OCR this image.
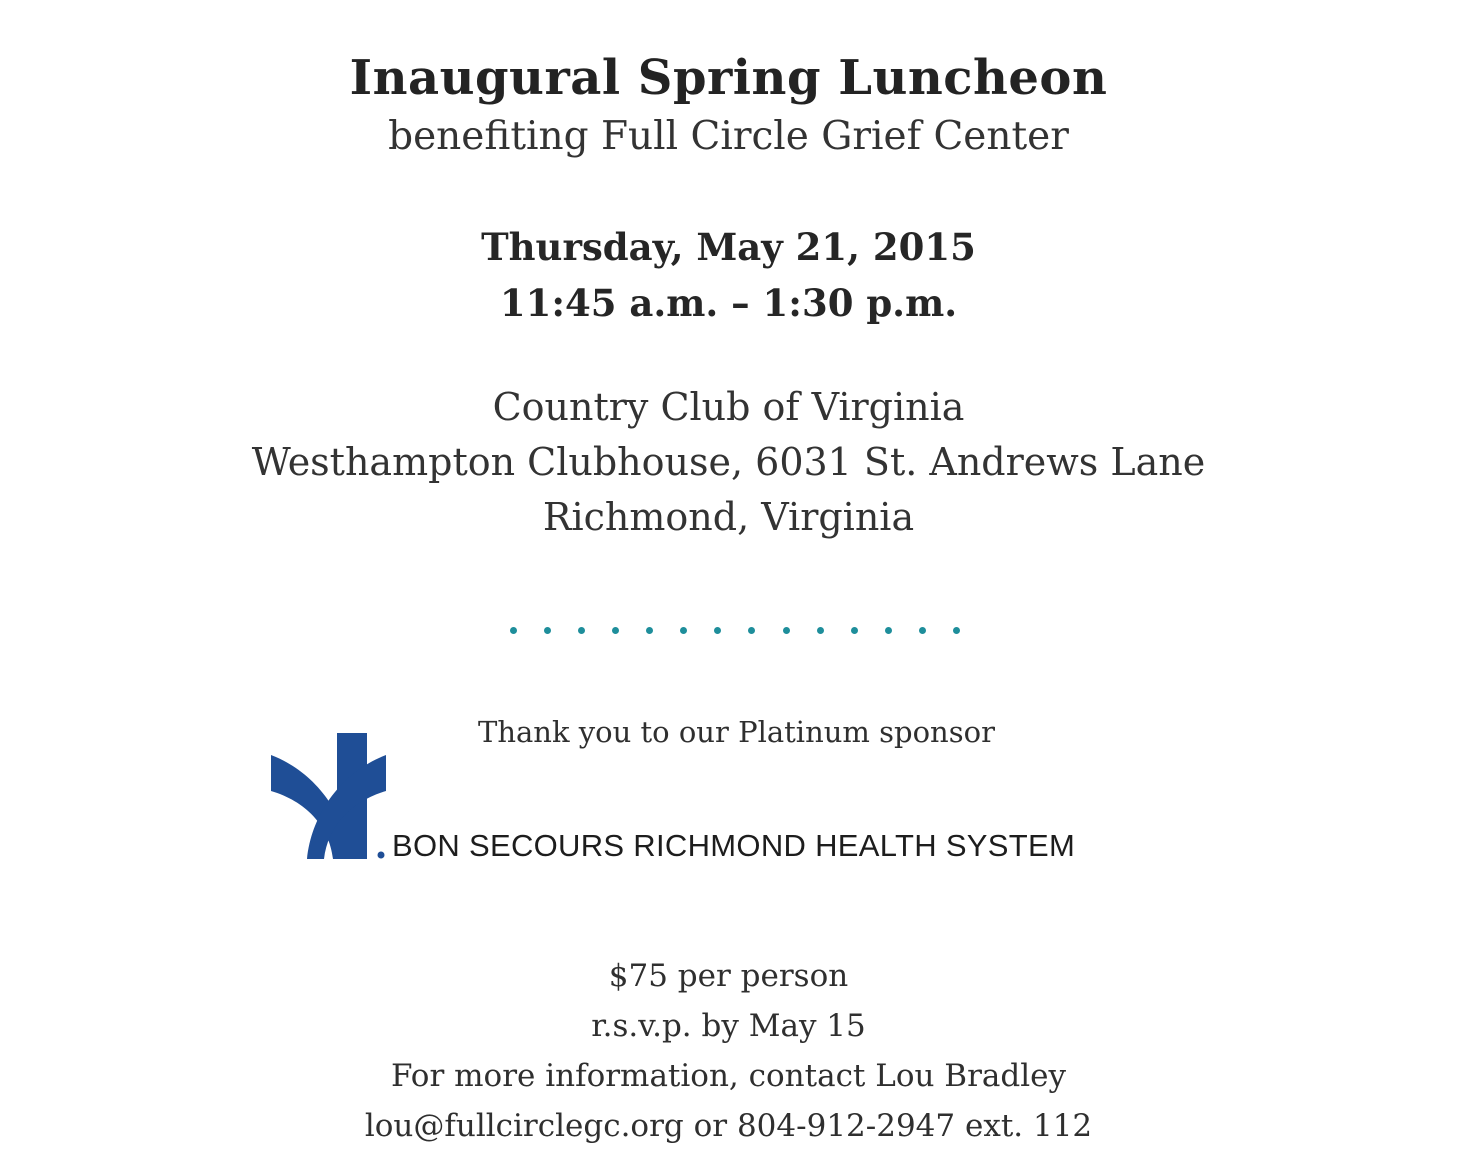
Inaugural Spring Luncheon
benefiting Full Circle Grief Center
Thursday, May 21, 2015
11:45 a.m. – 1:30 p.m.
Country Club of Virginia
Westhampton Clubhouse, 6031 St. Andrews Lane
Richmond, Virginia
Thank you to our Platinum sponsor
BON SECOURS RICHMOND HEALTH SYSTEM
$75 per person
r.s.v.p. by May 15
For more information, contact Lou Bradley
lou@fullcirclegc.org or 804-912-2947 ext. 112
